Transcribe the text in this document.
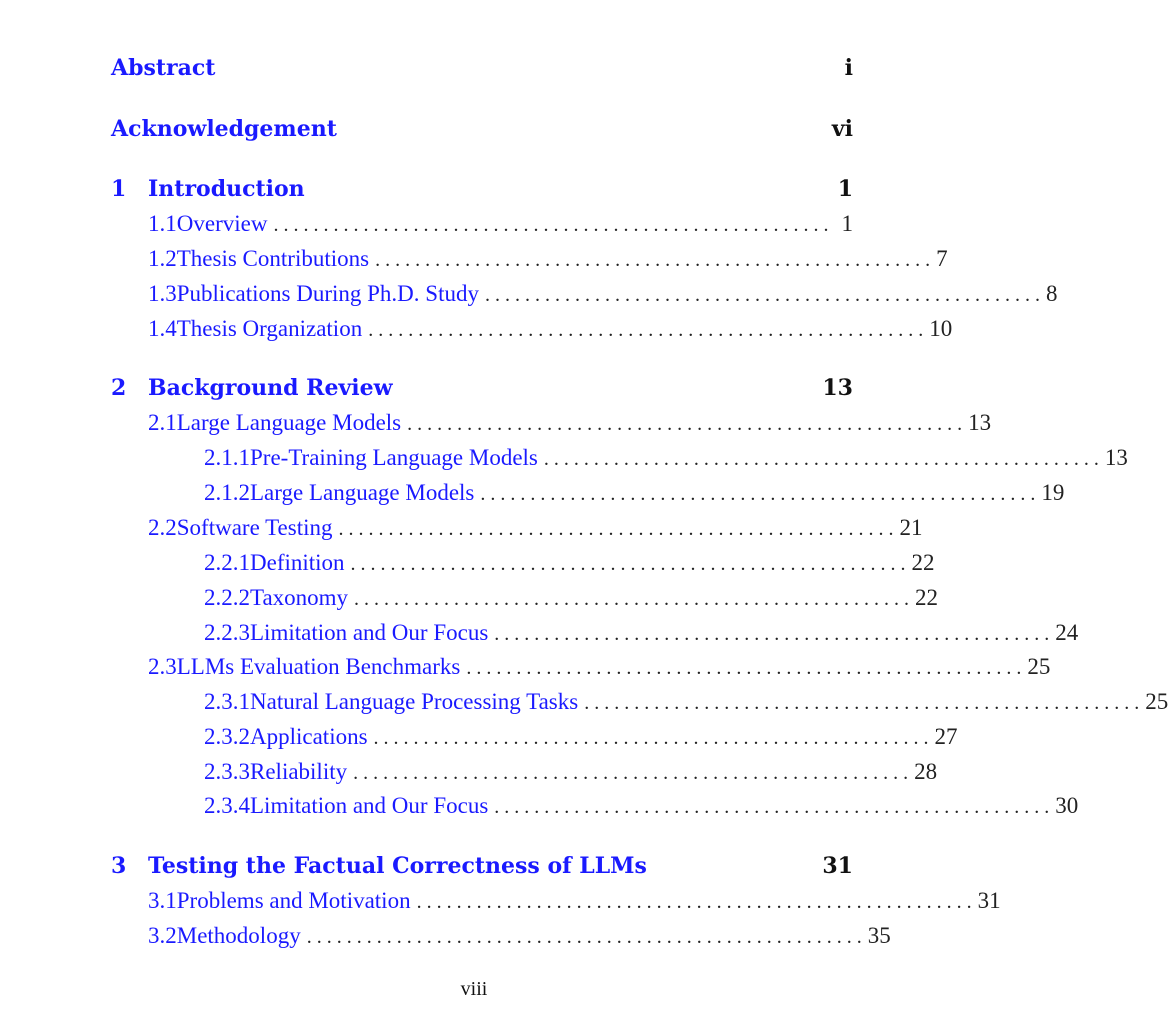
Abstract	i
Acknowledgement	vi
1 Introduction	1
1.1 Overview . . . . . . . . . . . . . . . . . . . . . . . . . . . . . . . . . . . . . . . . . . . . . . . . . . . . . . . . 1
1.2 Thesis Contributions . . . . . . . . . . . . . . . . . . . . . . . . . . . . . . . . . . . . . . . . . . . . . . . . . . . . . . . . 7
1.3 Publications During Ph.D. Study . . . . . . . . . . . . . . . . . . . . . . . . . . . . . . . . . . . . . . . . . . . . . . . . . . . . . . . . 8
1.4 Thesis Organization . . . . . . . . . . . . . . . . . . . . . . . . . . . . . . . . . . . . . . . . . . . . . . . . . . . . . . . . 10
2 Background Review	13
2.1 Large Language Models . . . . . . . . . . . . . . . . . . . . . . . . . . . . . . . . . . . . . . . . . . . . . . . . . . . . . . . . 13
2.1.1 Pre-Training Language Models . . . . . . . . . . . . . . . . . . . . . . . . . . . . . . . . . . . . . . . . . . . . . . . . . . . . . . . . 13
2.1.2 Large Language Models . . . . . . . . . . . . . . . . . . . . . . . . . . . . . . . . . . . . . . . . . . . . . . . . . . . . . . . . 19
2.2 Software Testing . . . . . . . . . . . . . . . . . . . . . . . . . . . . . . . . . . . . . . . . . . . . . . . . . . . . . . . . 21
2.2.1 Definition . . . . . . . . . . . . . . . . . . . . . . . . . . . . . . . . . . . . . . . . . . . . . . . . . . . . . . . . 22
2.2.2 Taxonomy . . . . . . . . . . . . . . . . . . . . . . . . . . . . . . . . . . . . . . . . . . . . . . . . . . . . . . . . 22
2.2.3 Limitation and Our Focus . . . . . . . . . . . . . . . . . . . . . . . . . . . . . . . . . . . . . . . . . . . . . . . . . . . . . . . . 24
2.3 LLMs Evaluation Benchmarks . . . . . . . . . . . . . . . . . . . . . . . . . . . . . . . . . . . . . . . . . . . . . . . . . . . . . . . . 25
2.3.1 Natural Language Processing Tasks . . . . . . . . . . . . . . . . . . . . . . . . . . . . . . . . . . . . . . . . . . . . . . . . . . . . . . . . 25
2.3.2 Applications . . . . . . . . . . . . . . . . . . . . . . . . . . . . . . . . . . . . . . . . . . . . . . . . . . . . . . . . 27
2.3.3 Reliability . . . . . . . . . . . . . . . . . . . . . . . . . . . . . . . . . . . . . . . . . . . . . . . . . . . . . . . . 28
2.3.4 Limitation and Our Focus . . . . . . . . . . . . . . . . . . . . . . . . . . . . . . . . . . . . . . . . . . . . . . . . . . . . . . . . 30
3 Testing the Factual Correctness of LLMs	31
3.1 Problems and Motivation . . . . . . . . . . . . . . . . . . . . . . . . . . . . . . . . . . . . . . . . . . . . . . . . . . . . . . . . 31
3.2 Methodology . . . . . . . . . . . . . . . . . . . . . . . . . . . . . . . . . . . . . . . . . . . . . . . . . . . . . . . . 35
viii
